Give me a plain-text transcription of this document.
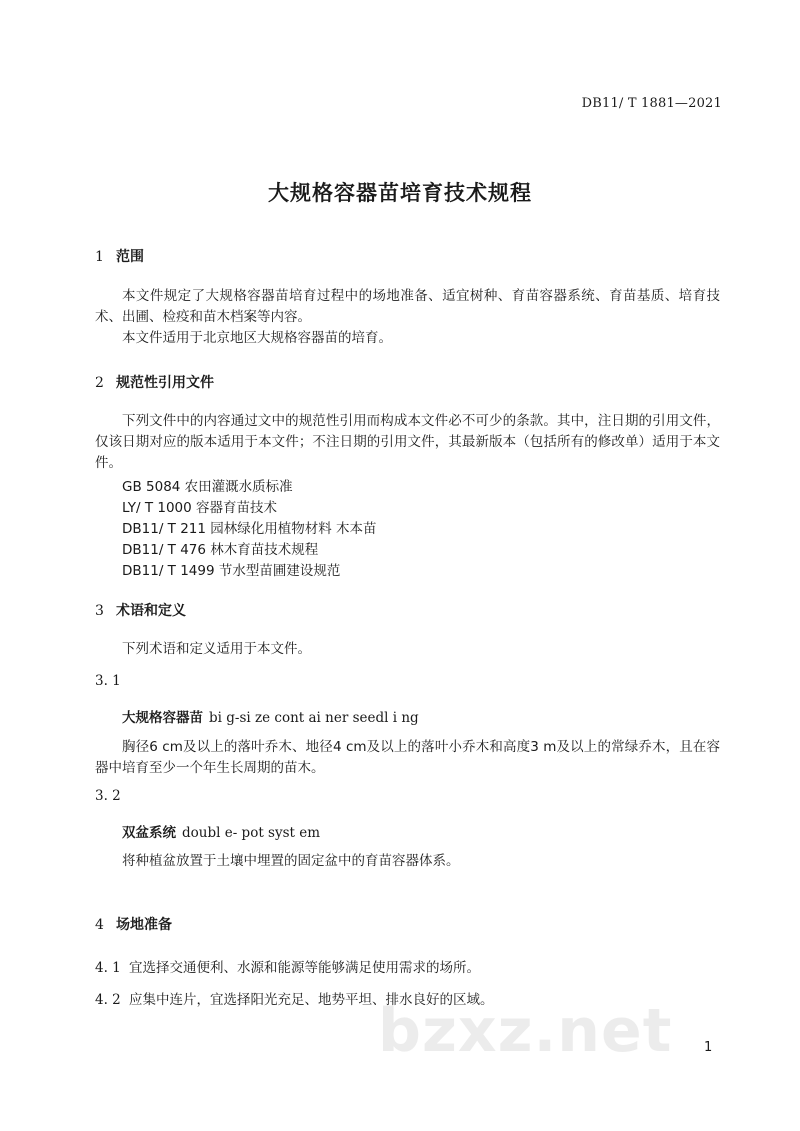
DB11/ T 1881—2021
大规格容器苗培育技术规程
1 范围
本文件规定了大规格容器苗培育过程中的场地准备、适宜树种、育苗容器系统、育苗基质、培育技术、出圃、检疫和苗木档案等内容。
本文件适用于北京地区大规格容器苗的培育。
2 规范性引用文件
下列文件中的内容通过文中的规范性引用而构成本文件必不可少的条款。其中，注日期的引用文件，仅该日期对应的版本适用于本文件；不注日期的引用文件，其最新版本（包括所有的修改单）适用于本文件。
GB 5084 农田灌溉水质标准
LY/ T 1000 容器育苗技术
DB11/ T 211 园林绿化用植物材料 木本苗
DB11/ T 476 林木育苗技术规程
DB11/ T 1499 节水型苗圃建设规范
3 术语和定义
下列术语和定义适用于本文件。
3. 1
大规格容器苗 bi g-si ze cont ai ner seedl i ng
胸径6 cm及以上的落叶乔木、地径4 cm及以上的落叶小乔木和高度3 m及以上的常绿乔木，且在容器中培育至少一个年生长周期的苗木。
3. 2
双盆系统 doubl e- pot syst em
将种植盆放置于土壤中埋置的固定盆中的育苗容器体系。
4 场地准备
4. 1 宜选择交通便利、水源和能源等能够满足使用需求的场所。
4. 2 应集中连片，宜选择阳光充足、地势平坦、排水良好的区域。
bzxz.net 1
